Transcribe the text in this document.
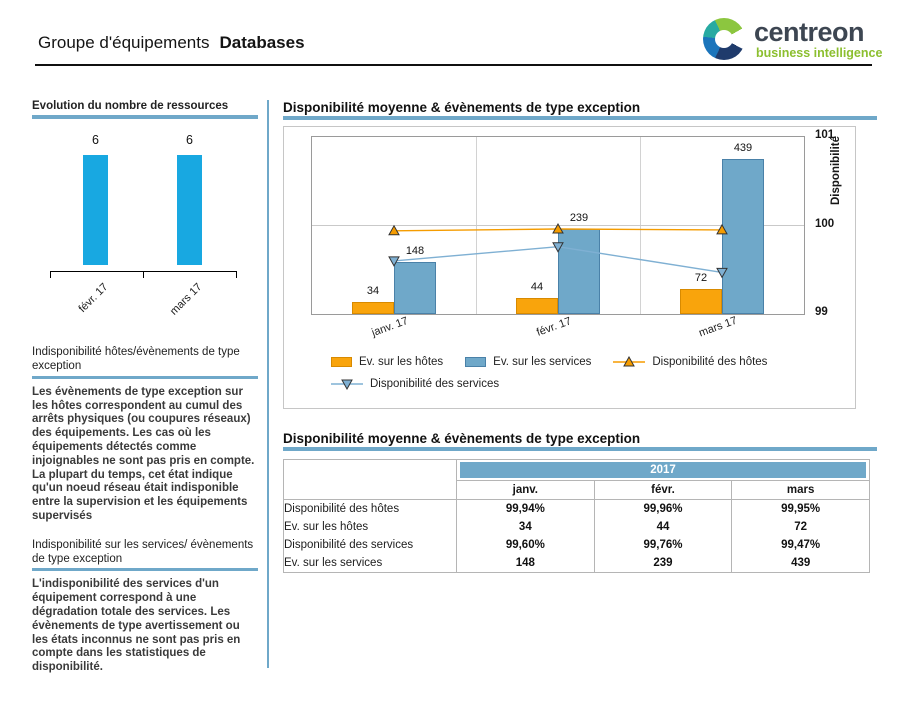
Groupe d'équipements Databases	centreon
business intelligence
Evolution du nombre de ressources
6
févr. 17
6
mars 17
Indisponibilité hôtes/évènements de type exception
Les évènements de type exception sur les hôtes correspondent au cumul des arrêts physiques (ou coupures réseaux) des équipements. Les cas où les équipements détectés comme injoignables ne sont pas pris en compte. La plupart du temps, cet état indique qu'un noeud réseau était indisponible entre la supervision et les équipements supervisés
Indisponibilité sur les services/ évènements de type exception
L'indisponibilité des services d'un équipement correspond à une dégradation totale des services. Les évènements de type avertissement ou les états inconnus ne sont pas pris en compte dans les statistiques de disponibilité.
Disponibilité moyenne & évènements de type exception
34	44
72
148
239
439	Disponibilité
Ev. sur les hôtes	Ev. sur les services	Disponibilité des hôtes
Disponibilité des services
janv. 17	févr. 17	mars 17
101
100
99
Disponibilité moyenne & évènements de type exception

	2017		

	janv.	févr.	mars
Disponibilité des hôtes	99,94%	99,96%	99,95%
Ev. sur les hôtes	34	44	72
Disponibilité des services	99,60%	99,76%	99,47%
Ev. sur les services	148	239	439
